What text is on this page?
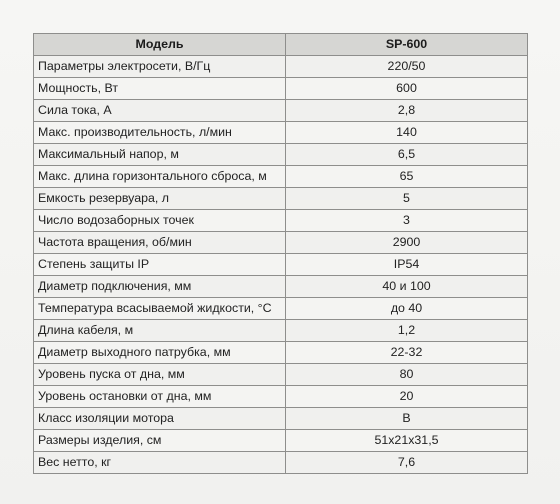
Модель	SP-600
Параметры электросети, В/Гц	220/50
Мощность, Вт	600
Сила тока, А	2,8
Макс. производительность, л/мин	140
Максимальный напор, м	6,5
Макс. длина горизонтального сброса, м	65
Емкость резервуара, л	5
Число водозаборных точек	3
Частота вращения, об/мин	2900
Степень защиты IP	IP54
Диаметр подключения, мм	40 и 100
Температура всасываемой жидкости, °С	до 40
Длина кабеля, м	1,2
Диаметр выходного патрубка, мм	22-32
Уровень пуска от дна, мм	80
Уровень остановки от дна, мм	20
Класс изоляции мотора	B
Размеры изделия, см	51x21x31,5
Вес нетто, кг	7,6
